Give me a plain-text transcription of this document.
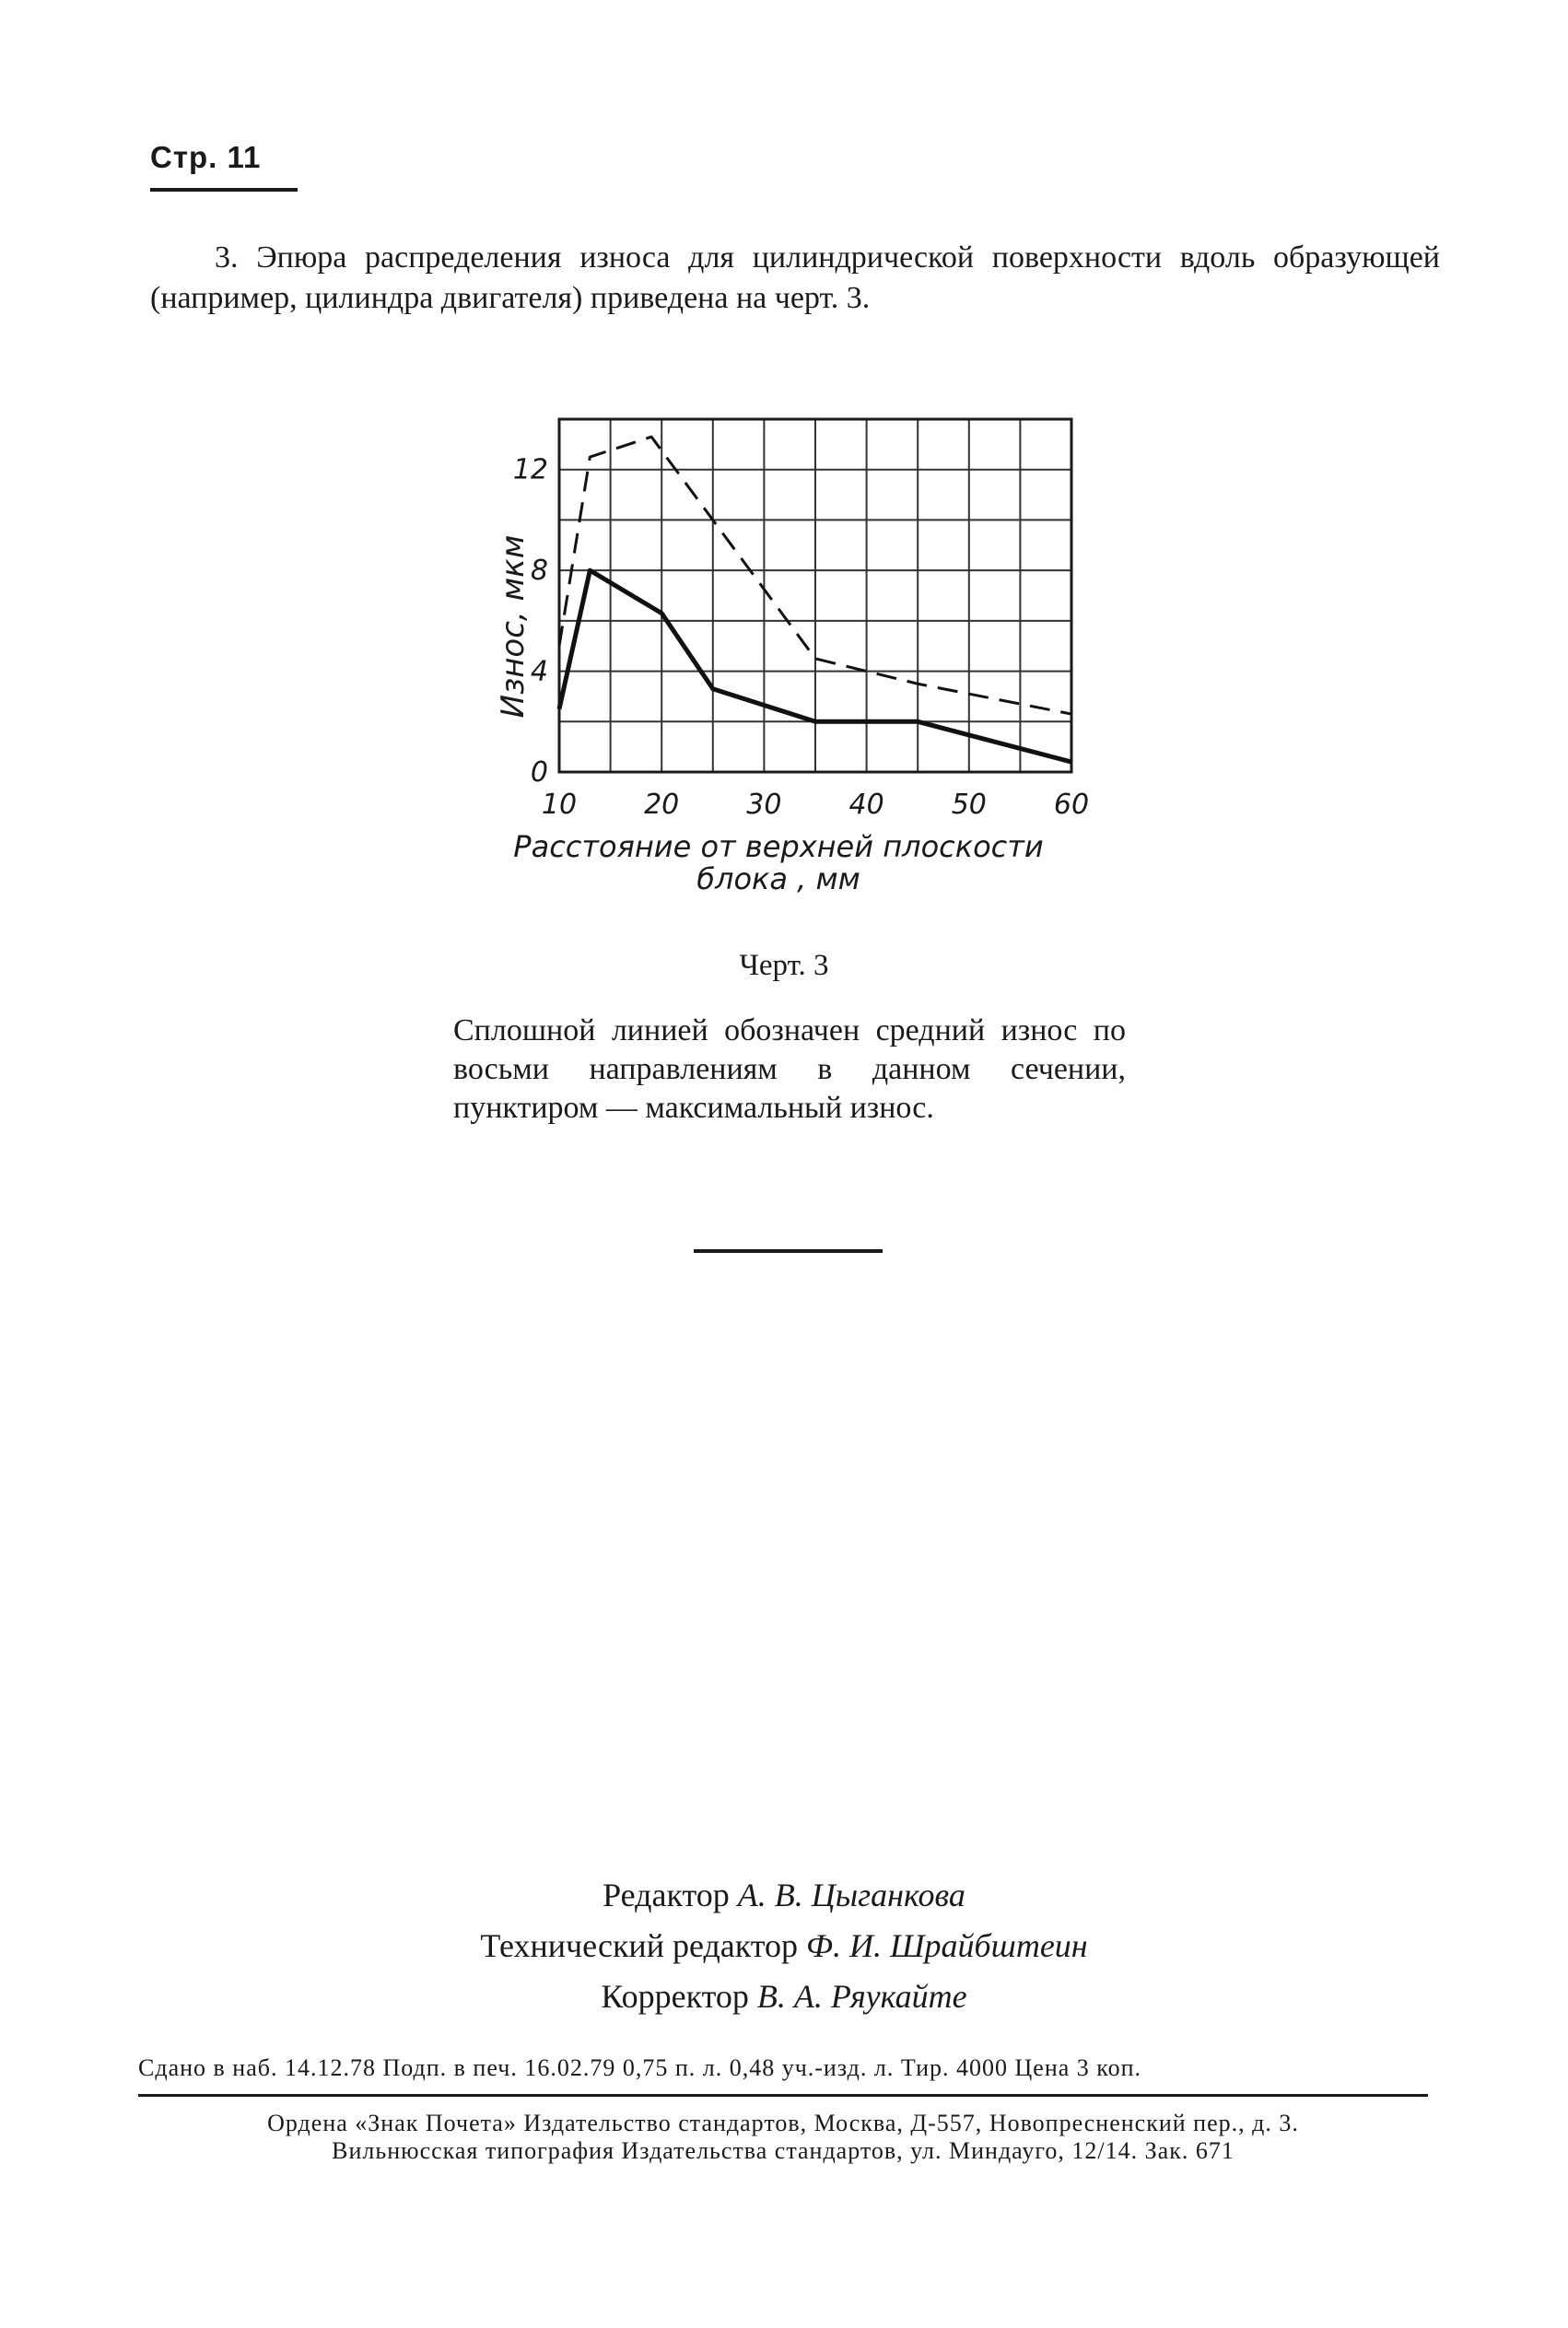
Стр. 11

3. Эпюра распределения износа для цилиндрической поверхности вдоль образующей (например, цилиндра двигателя) приведена на черт. 3.

10 20 30 40 50 60
0
4
8
12
Износ, мкм
Расстояние от верхней плоскости
блока , мм
Черт. 3

Сплошной линией обозначен средний износ по восьми направлениям в данном сечении, пунктиром — максимальный износ.

Редактор А. В. Цыганкова
Технический редактор Ф. И. Шрайбштеин
Корректор В. А. Ряукайте
Сдано в наб. 14.12.78 Подп. в печ. 16.02.79 0,75 п. л. 0,48 уч.-изд. л. Тир. 4000 Цена 3 коп.
Ордена «Знак Почета» Издательство стандартов, Москва, Д-557, Новопресненский пер., д. 3.
Вильнюсская типография Издательства стандартов, ул. Миндауго, 12/14. Зак. 671
